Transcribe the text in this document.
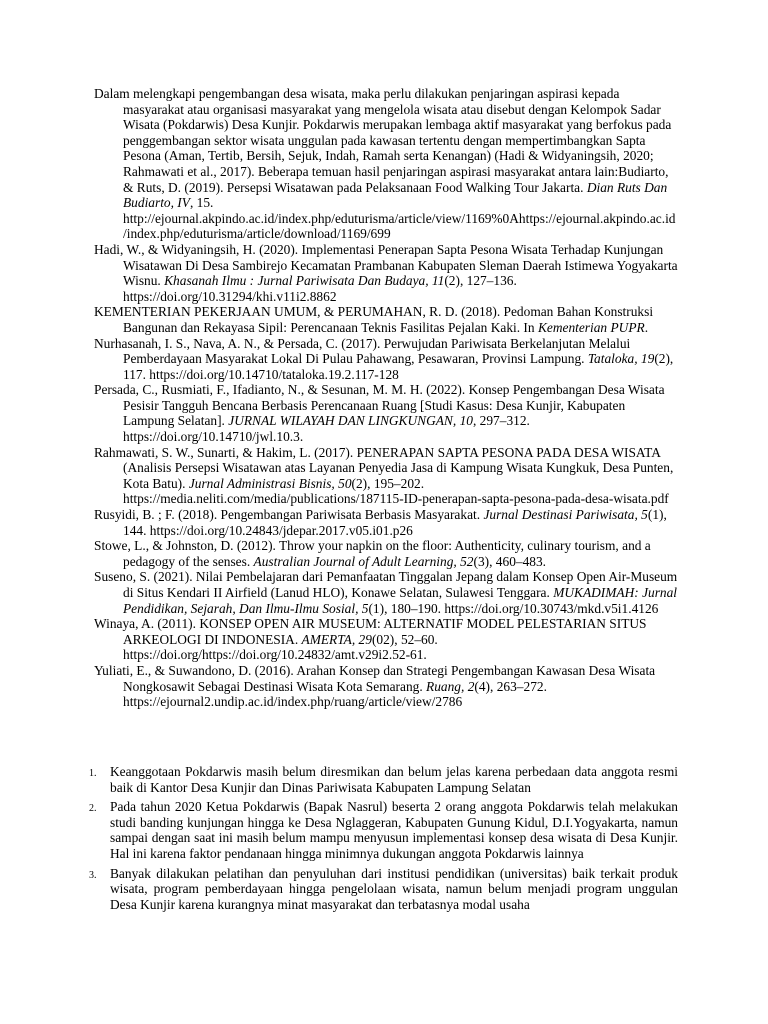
Dalam melengkapi pengembangan desa wisata, maka perlu dilakukan penjaringan aspirasi kepada masyarakat atau organisasi masyarakat yang mengelola wisata atau disebut dengan Kelompok Sadar Wisata (Pokdarwis) Desa Kunjir. Pokdarwis merupakan lembaga aktif masyarakat yang berfokus pada penggembangan sektor wisata unggulan pada kawasan tertentu dengan mempertimbangkan Sapta Pesona (Aman, Tertib, Bersih, Sejuk, Indah, Ramah serta Kenangan) (Hadi & Widyaningsih, 2020; Rahmawati et al., 2017). Beberapa temuan hasil penjaringan aspirasi masyarakat antara lain:Budiarto, & Ruts, D. (2019). Persepsi Wisatawan pada Pelaksanaan Food Walking Tour Jakarta. Dian Ruts Dan Budiarto, IV, 15. http://ejournal.akpindo.ac.id/index.php/eduturisma/article/view/1169%0Ahttps://ejournal.akpindo.ac.id/index.php/eduturisma/article/download/1169/699

Hadi, W., & Widyaningsih, H. (2020). Implementasi Penerapan Sapta Pesona Wisata Terhadap Kunjungan Wisatawan Di Desa Sambirejo Kecamatan Prambanan Kabupaten Sleman Daerah Istimewa Yogyakarta Wisnu. Khasanah Ilmu : Jurnal Pariwisata Dan Budaya, 11(2), 127–136. https://doi.org/10.31294/khi.v11i2.8862

KEMENTERIAN PEKERJAAN UMUM, & PERUMAHAN, R. D. (2018). Pedoman Bahan Konstruksi Bangunan dan Rekayasa Sipil: Perencanaan Teknis Fasilitas Pejalan Kaki. In Kementerian PUPR.

Nurhasanah, I. S., Nava, A. N., & Persada, C. (2017). Perwujudan Pariwisata Berkelanjutan Melalui Pemberdayaan Masyarakat Lokal Di Pulau Pahawang, Pesawaran, Provinsi Lampung. Tataloka, 19(2), 117. https://doi.org/10.14710/tataloka.19.2.117-128

Persada, C., Rusmiati, F., Ifadianto, N., & Sesunan, M. M. H. (2022). Konsep Pengembangan Desa Wisata Pesisir Tangguh Bencana Berbasis Perencanaan Ruang [Studi Kasus: Desa Kunjir, Kabupaten Lampung Selatan]. JURNAL WILAYAH DAN LINGKUNGAN, 10, 297–312. https://doi.org/10.14710/jwl.10.3.

Rahmawati, S. W., Sunarti, & Hakim, L. (2017). PENERAPAN SAPTA PESONA PADA DESA WISATA (Analisis Persepsi Wisatawan atas Layanan Penyedia Jasa di Kampung Wisata Kungkuk, Desa Punten, Kota Batu). Jurnal Administrasi Bisnis, 50(2), 195–202. https://media.neliti.com/media/publications/187115-ID-penerapan-sapta-pesona-pada-desa-wisata.pdf

Rusyidi, B. ; F. (2018). Pengembangan Pariwisata Berbasis Masyarakat. Jurnal Destinasi Pariwisata, 5(1), 144. https://doi.org/10.24843/jdepar.2017.v05.i01.p26

Stowe, L., & Johnston, D. (2012). Throw your napkin on the floor: Authenticity, culinary tourism, and a pedagogy of the senses. Australian Journal of Adult Learning, 52(3), 460–483.

Suseno, S. (2021). Nilai Pembelajaran dari Pemanfaatan Tinggalan Jepang dalam Konsep Open Air-Museum di Situs Kendari II Airfield (Lanud HLO), Konawe Selatan, Sulawesi Tenggara. MUKADIMAH: Jurnal Pendidikan, Sejarah, Dan Ilmu-Ilmu Sosial, 5(1), 180–190. https://doi.org/10.30743/mkd.v5i1.4126

Winaya, A. (2011). KONSEP OPEN AIR MUSEUM: ALTERNATIF MODEL PELESTARIAN SITUS ARKEOLOGI DI INDONESIA. AMERTA, 29(02), 52–60. https://doi.org/https://doi.org/10.24832/amt.v29i2.52-61.

Yuliati, E., & Suwandono, D. (2016). Arahan Konsep dan Strategi Pengembangan Kawasan Desa Wisata Nongkosawit Sebagai Destinasi Wisata Kota Semarang. Ruang, 2(4), 263–272. https://ejournal2.undip.ac.id/index.php/ruang/article/view/2786

1. Keanggotaan Pokdarwis masih belum diresmikan dan belum jelas karena perbedaan data anggota resmi baik di Kantor Desa Kunjir dan Dinas Pariwisata Kabupaten Lampung Selatan
2. Pada tahun 2020 Ketua Pokdarwis (Bapak Nasrul) beserta 2 orang anggota Pokdarwis telah melakukan studi banding kunjungan hingga ke Desa Nglaggeran, Kabupaten Gunung Kidul, D.I.Yogyakarta, namun sampai dengan saat ini masih belum mampu menyusun implementasi konsep desa wisata di Desa Kunjir. Hal ini karena faktor pendanaan hingga minimnya dukungan anggota Pokdarwis lainnya
3. Banyak dilakukan pelatihan dan penyuluhan dari institusi pendidikan (universitas) baik terkait produk wisata, program pemberdayaan hingga pengelolaan wisata, namun belum menjadi program unggulan Desa Kunjir karena kurangnya minat masyarakat dan terbatasnya modal usaha
